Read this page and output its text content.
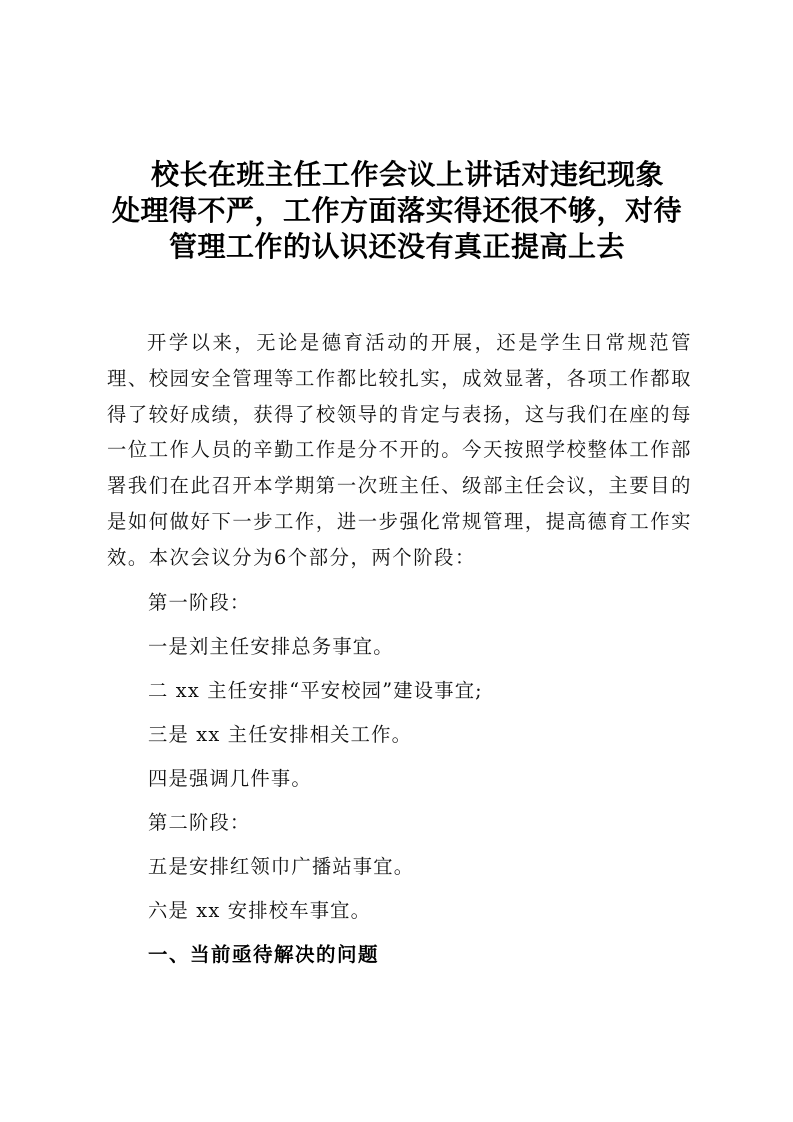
校长在班主任工作会议上讲话对违纪现象
处理得不严，工作方面落实得还很不够，对待
管理工作的认识还没有真正提高上去

开学以来，无论是德育活动的开展，还是学生日常规范管理、校园安全管理等工作都比较扎实，成效显著，各项工作都取得了较好成绩，获得了校领导的肯定与表扬，这与我们在座的每一位工作人员的辛勤工作是分不开的。今天按照学校整体工作部署我们在此召开本学期第一次班主任、级部主任会议，主要目的是如何做好下一步工作，进一步强化常规管理，提高德育工作实效。本次会议分为6个部分，两个阶段：

第一阶段：

一是刘主任安排总务事宜。

二 xx 主任安排“平安校园”建设事宜;

三是 xx 主任安排相关工作。

四是强调几件事。

第二阶段：

五是安排红领巾广播站事宜。

六是 xx 安排校车事宜。

一、当前亟待解决的问题
